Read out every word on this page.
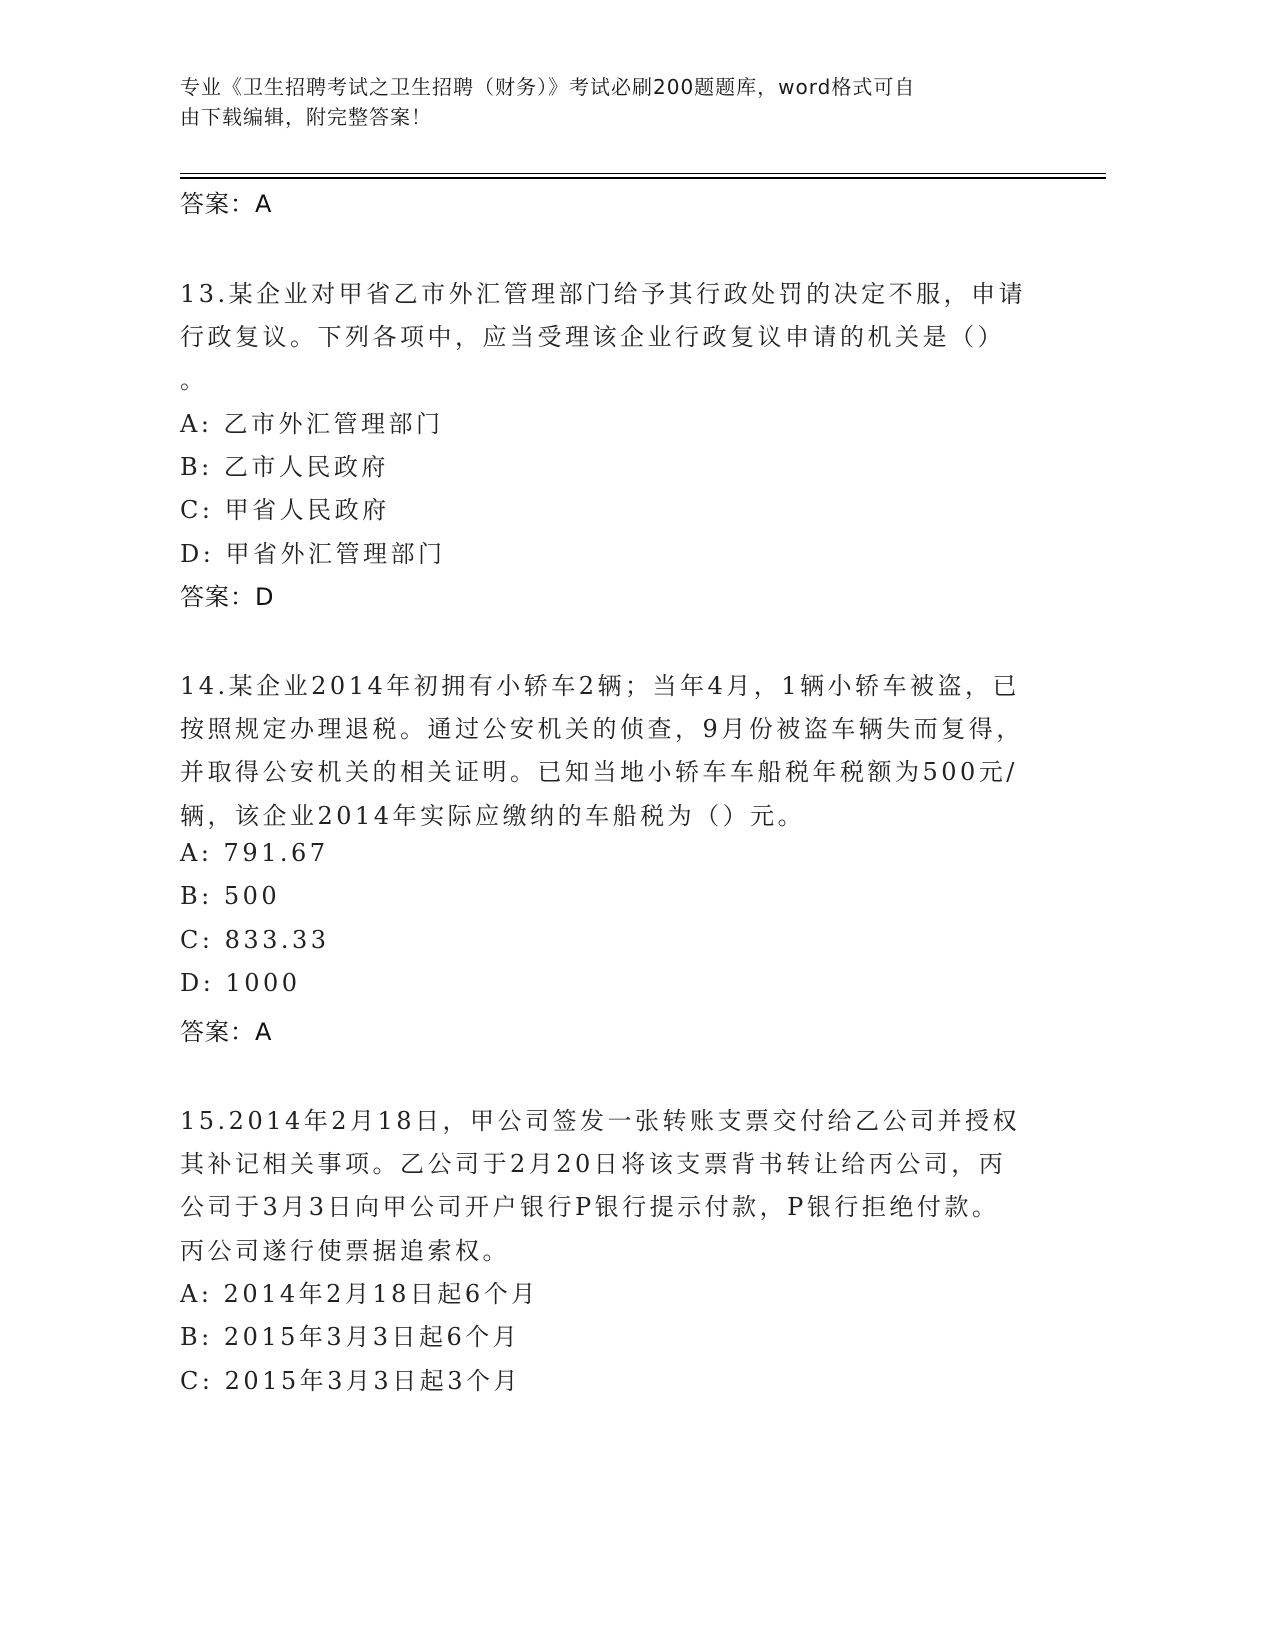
专业《卫生招聘考试之卫生招聘（财务）》考试必刷200题题库，word格式可自
由下载编辑，附完整答案！
答案：A
13.某企业对甲省乙市外汇管理部门给予其行政处罚的决定不服，申请
行政复议。下列各项中，应当受理该企业行政复议申请的机关是（）
。
A: 乙市外汇管理部门
B: 乙市人民政府
C: 甲省人民政府
D: 甲省外汇管理部门
答案：D
14.某企业2014年初拥有小轿车2辆；当年4月，1辆小轿车被盗，已
按照规定办理退税。通过公安机关的侦查，9月份被盗车辆失而复得，
并取得公安机关的相关证明。已知当地小轿车车船税年税额为500元/
辆，该企业2014年实际应缴纳的车船税为（）元。
A: 791.67
B: 500
C: 833.33
D: 1000
答案：A
15.2014年2月18日，甲公司签发一张转账支票交付给乙公司并授权
其补记相关事项。乙公司于2月20日将该支票背书转让给丙公司，丙
公司于3月3日向甲公司开户银行P银行提示付款，P银行拒绝付款。
丙公司遂行使票据追索权。
A: 2014年2月18日起6个月
B: 2015年3月3日起6个月
C: 2015年3月3日起3个月
